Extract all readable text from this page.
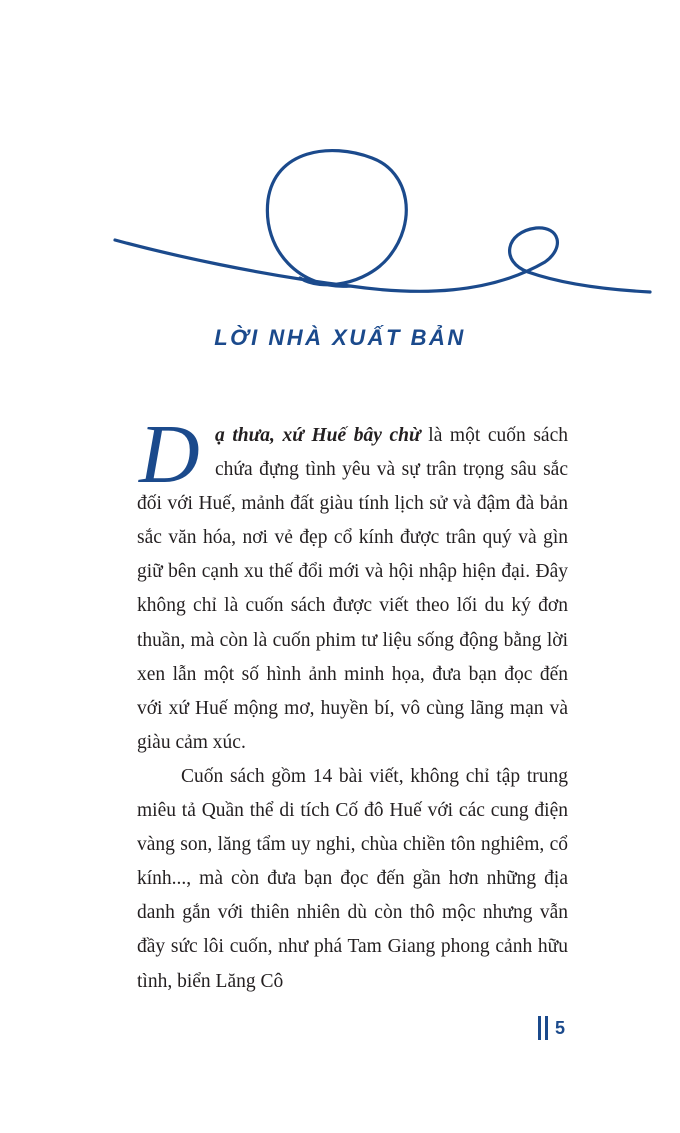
LỜI NHÀ XUẤT BẢN

Dạ thưa, xứ Huế bây chừ là một cuốn sách chứa đựng tình yêu và sự trân trọng sâu sắc đối với Huế, mảnh đất giàu tính lịch sử và đậm đà bản sắc văn hóa, nơi vẻ đẹp cổ kính được trân quý và gìn giữ bên cạnh xu thế đổi mới và hội nhập hiện đại. Đây không chỉ là cuốn sách được viết theo lối du ký đơn thuần, mà còn là cuốn phim tư liệu sống động bằng lời xen lẫn một số hình ảnh minh họa, đưa bạn đọc đến với xứ Huế mộng mơ, huyền bí, vô cùng lãng mạn và giàu cảm xúc.

Cuốn sách gồm 14 bài viết, không chỉ tập trung miêu tả Quần thể di tích Cố đô Huế với các cung điện vàng son, lăng tẩm uy nghi, chùa chiền tôn nghiêm, cổ kính..., mà còn đưa bạn đọc đến gần hơn những địa danh gắn với thiên nhiên dù còn thô mộc nhưng vẫn đầy sức lôi cuốn, như phá Tam Giang phong cảnh hữu tình, biển Lăng Cô

5
